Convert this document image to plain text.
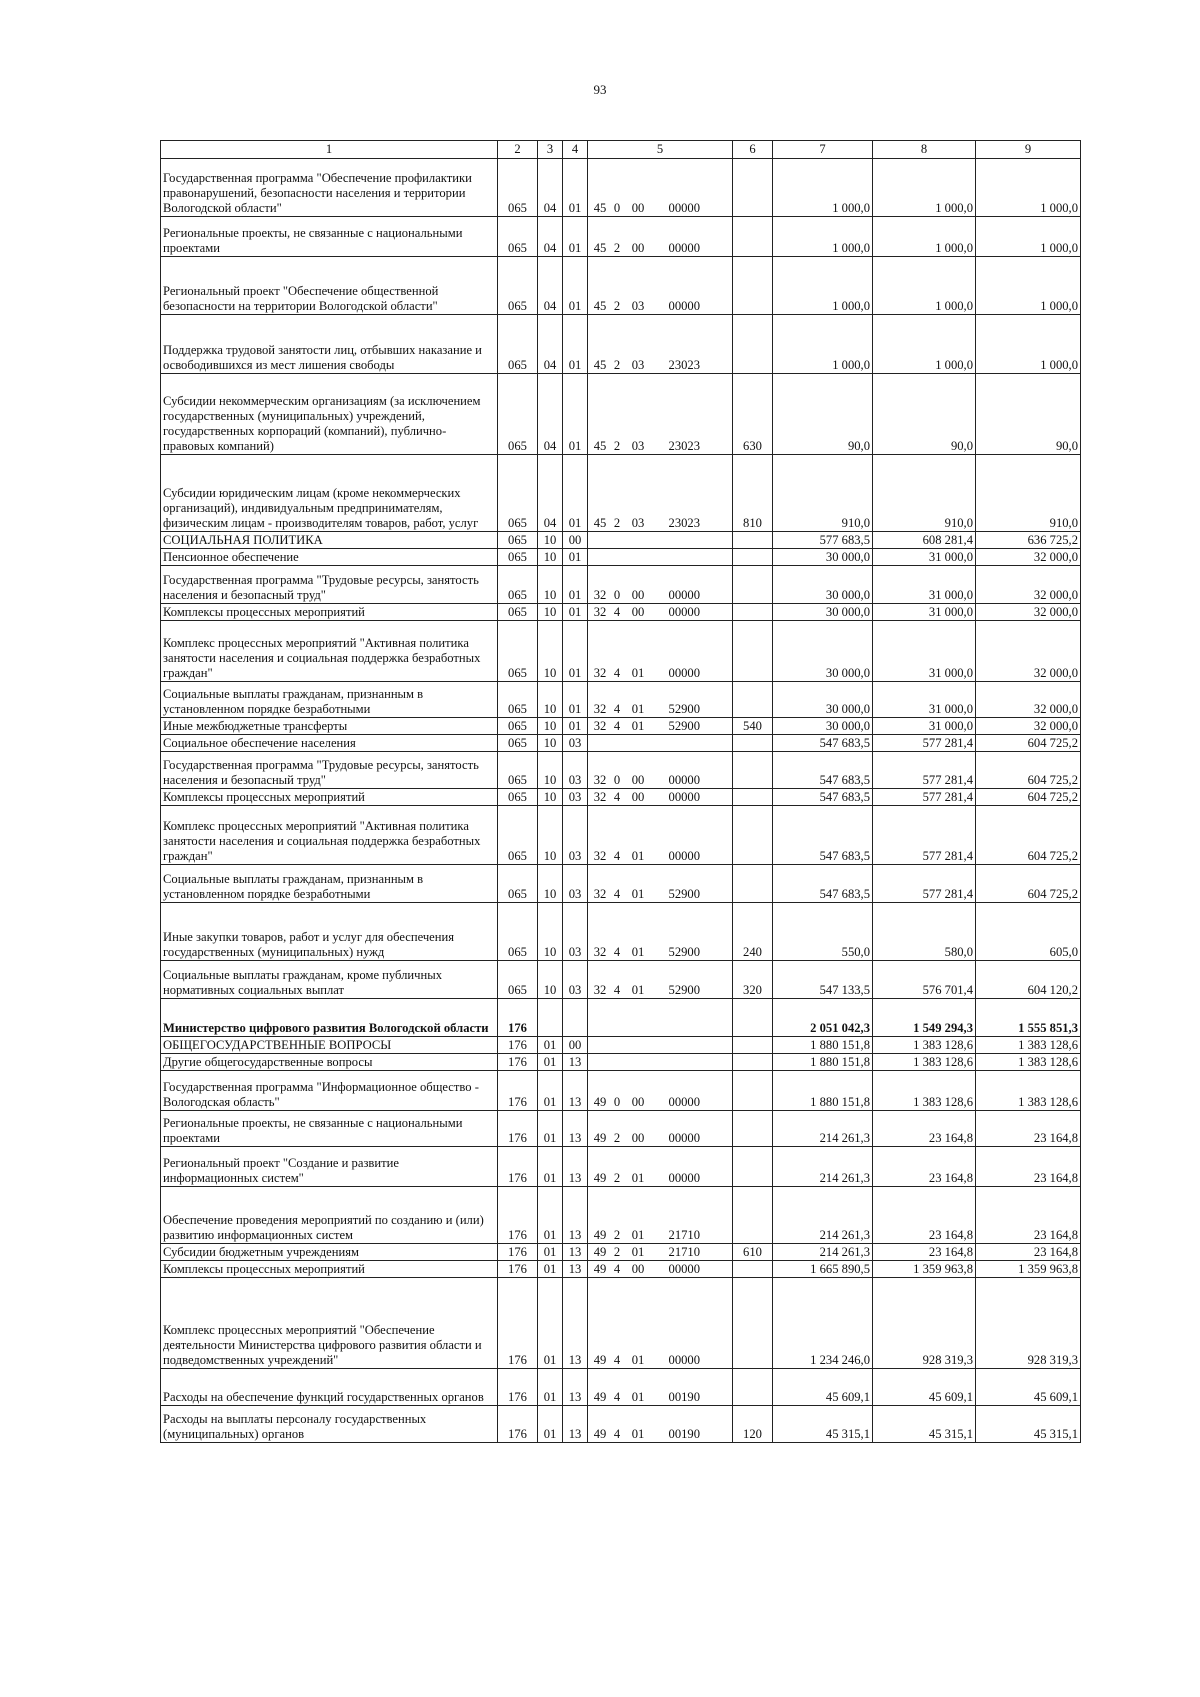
93
1	2	3	4	5	6	7	8	9
Государственная программа "Обеспечение профилактики правонарушений, безопасности населения и территории Вологодской области"	065	04	01	45 0 00 00000		1 000,0	1 000,0	1 000,0
Региональные проекты, не связанные с национальными проектами	065	04	01	45 2 00 00000		1 000,0	1 000,0	1 000,0
Региональный проект "Обеспечение общественной безопасности на территории Вологодской области"	065	04	01	45 2 03 00000		1 000,0	1 000,0	1 000,0
Поддержка трудовой занятости лиц, отбывших наказание и освободившихся из мест лишения свободы	065	04	01	45 2 03 23023		1 000,0	1 000,0	1 000,0
Субсидии некоммерческим организациям (за исключением государственных (муниципальных) учреждений, государственных корпораций (компаний), публично-правовых компаний)	065	04	01	45 2 03 23023	630	90,0	90,0	90,0
Субсидии юридическим лицам (кроме некоммерческих организаций), индивидуальным предпринимателям, физическим лицам - производителям товаров, работ, услуг	065	04	01	45 2 03 23023	810	910,0	910,0	910,0
СОЦИАЛЬНАЯ ПОЛИТИКА	065	10	00			577 683,5	608 281,4	636 725,2
Пенсионное обеспечение	065	10	01			30 000,0	31 000,0	32 000,0
Государственная программа "Трудовые ресурсы, занятость населения и безопасный труд"	065	10	01	32 0 00 00000		30 000,0	31 000,0	32 000,0
Комплексы процессных мероприятий	065	10	01	32 4 00 00000		30 000,0	31 000,0	32 000,0
Комплекс процессных мероприятий "Активная политика занятости населения и социальная поддержка безработных граждан"	065	10	01	32 4 01 00000		30 000,0	31 000,0	32 000,0
Социальные выплаты гражданам, признанным в установленном порядке безработными	065	10	01	32 4 01 52900		30 000,0	31 000,0	32 000,0
Иные межбюджетные трансферты	065	10	01	32 4 01 52900	540	30 000,0	31 000,0	32 000,0
Социальное обеспечение населения	065	10	03			547 683,5	577 281,4	604 725,2
Государственная программа "Трудовые ресурсы, занятость населения и безопасный труд"	065	10	03	32 0 00 00000		547 683,5	577 281,4	604 725,2
Комплексы процессных мероприятий	065	10	03	32 4 00 00000		547 683,5	577 281,4	604 725,2
Комплекс процессных мероприятий "Активная политика занятости населения и социальная поддержка безработных граждан"	065	10	03	32 4 01 00000		547 683,5	577 281,4	604 725,2
Социальные выплаты гражданам, признанным в установленном порядке безработными	065	10	03	32 4 01 52900		547 683,5	577 281,4	604 725,2
Иные закупки товаров, работ и услуг для обеспечения государственных (муниципальных) нужд	065	10	03	32 4 01 52900	240	550,0	580,0	605,0
Социальные выплаты гражданам, кроме публичных нормативных социальных выплат	065	10	03	32 4 01 52900	320	547 133,5	576 701,4	604 120,2
Министерство цифрового развития Вологодской области	176					2 051 042,3	1 549 294,3	1 555 851,3
ОБЩЕГОСУДАРСТВЕННЫЕ ВОПРОСЫ	176	01	00			1 880 151,8	1 383 128,6	1 383 128,6
Другие общегосударственные вопросы	176	01	13			1 880 151,8	1 383 128,6	1 383 128,6
Государственная программа "Информационное общество - Вологодская область"	176	01	13	49 0 00 00000		1 880 151,8	1 383 128,6	1 383 128,6
Региональные проекты, не связанные с национальными проектами	176	01	13	49 2 00 00000		214 261,3	23 164,8	23 164,8
Региональный проект "Создание и развитие информационных систем"	176	01	13	49 2 01 00000		214 261,3	23 164,8	23 164,8
Обеспечение проведения мероприятий по созданию и (или) развитию информационных систем	176	01	13	49 2 01 21710		214 261,3	23 164,8	23 164,8
Субсидии бюджетным учреждениям	176	01	13	49 2 01 21710	610	214 261,3	23 164,8	23 164,8
Комплексы процессных мероприятий	176	01	13	49 4 00 00000		1 665 890,5	1 359 963,8	1 359 963,8
Комплекс процессных мероприятий "Обеспечение деятельности Министерства цифрового развития области и подведомственных учреждений"	176	01	13	49 4 01 00000		1 234 246,0	928 319,3	928 319,3
Расходы на обеспечение функций государственных органов	176	01	13	49 4 01 00190		45 609,1	45 609,1	45 609,1
Расходы на выплаты персоналу государственных (муниципальных) органов	176	01	13	49 4 01 00190	120	45 315,1	45 315,1	45 315,1
